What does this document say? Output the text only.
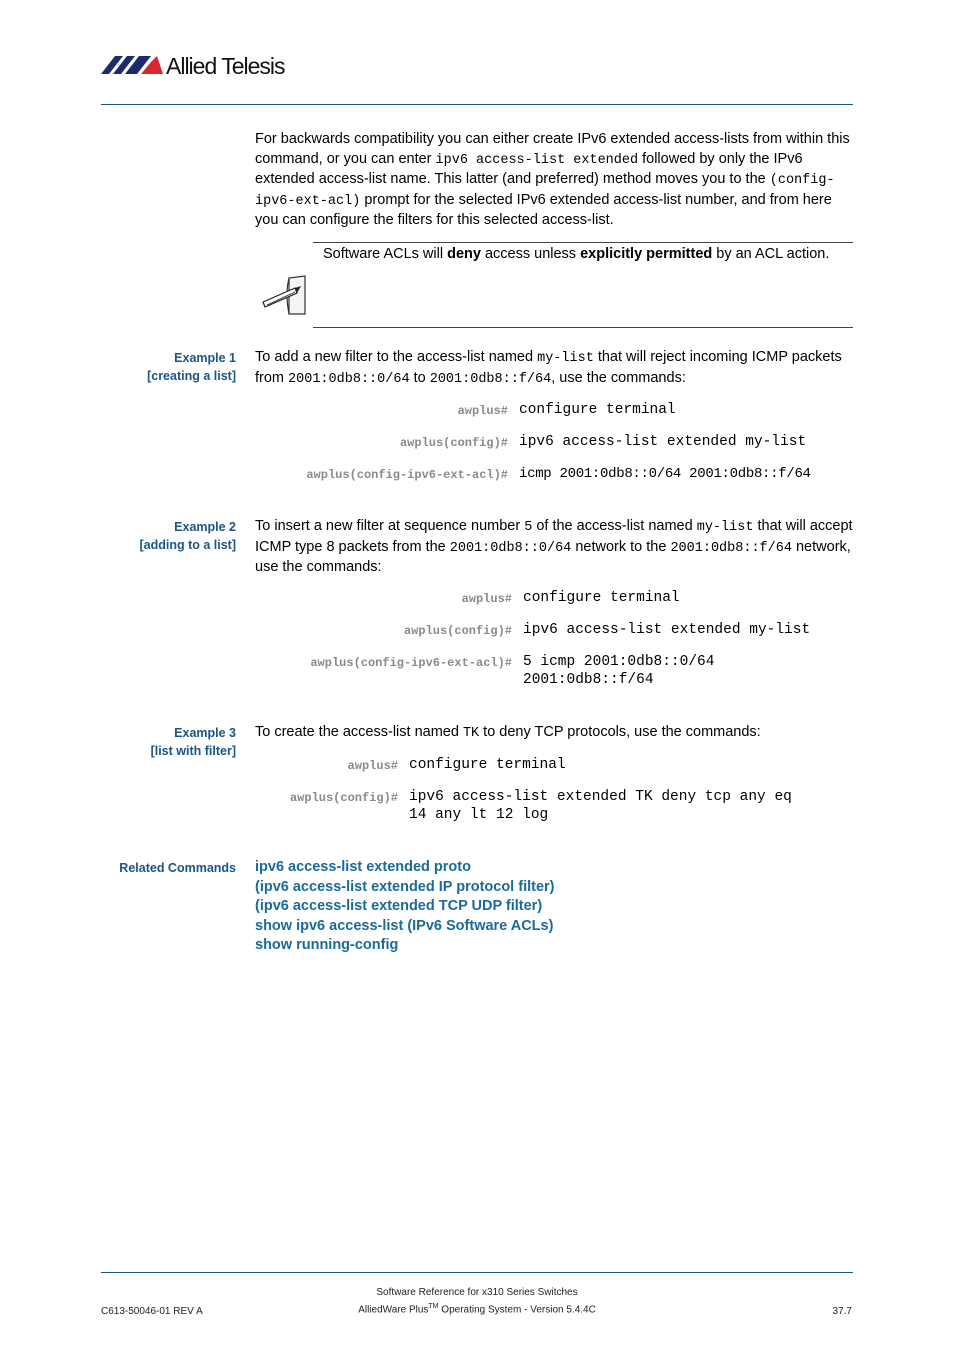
Allied Telesis
For backwards compatibility you can either create IPv6 extended access-lists from within this command, or you can enter ipv6 access-list extended followed by only the IPv6 extended access-list name. This latter (and preferred) method moves you to the (config-ipv6-ext-acl) prompt for the selected IPv6 extended access-list number, and from here you can configure the filters for this selected access-list.
Software ACLs will deny access unless explicitly permitted by an ACL action.
Example 1
[creating a list]
To add a new filter to the access-list named my-list that will reject incoming ICMP packets from 2001:0db8::0/64 to 2001:0db8::f/64, use the commands:
awplus# configure terminal
awplus(config)# ipv6 access-list extended my-list
awplus(config-ipv6-ext-acl)# icmp 2001:0db8::0/64 2001:0db8::f/64
Example 2
[adding to a list]
To insert a new filter at sequence number 5 of the access-list named my-list that will accept ICMP type 8 packets from the 2001:0db8::0/64 network to the 2001:0db8::f/64 network, use the commands:
awplus# configure terminal
awplus(config)# ipv6 access-list extended my-list
awplus(config-ipv6-ext-acl)# 5 icmp 2001:0db8::0/64
2001:0db8::f/64
Example 3
[list with filter]
To create the access-list named TK to deny TCP protocols, use the commands:
awplus# configure terminal
awplus(config)# ipv6 access-list extended TK deny tcp any eq
14 any lt 12 log
Related Commands ipv6 access-list extended proto
(ipv6 access-list extended IP protocol filter)
(ipv6 access-list extended TCP UDP filter)
show ipv6 access-list (IPv6 Software ACLs)
show running-config
Software Reference for x310 Series Switches
C613-50046-01 REV A	AlliedWare Plus™ Operating System - Version 5.4.4C	37.7
